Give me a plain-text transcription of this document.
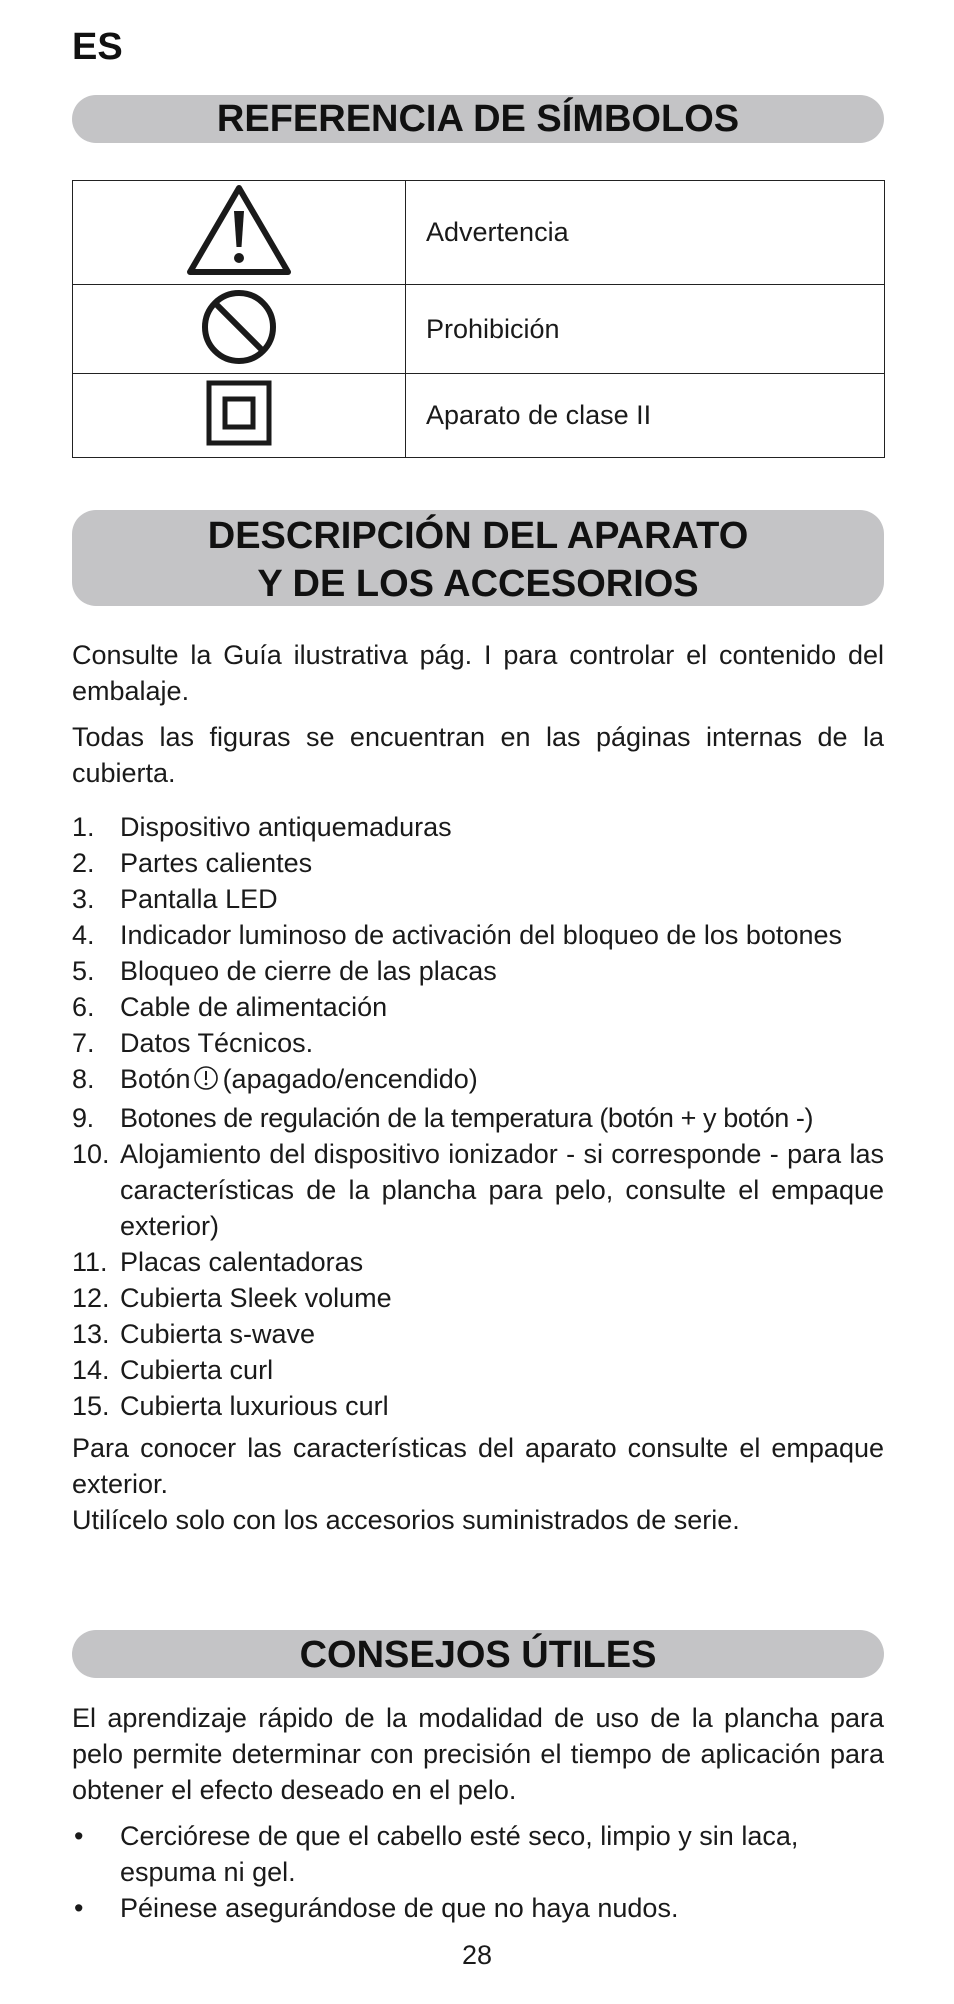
ES
REFERENCIA DE SÍMBOLOS
	Advertencia
	Prohibición
	Aparato de clase II
DESCRIPCIÓN DEL APARATO
Y DE LOS ACCESORIOS

Consulte la Guía ilustrativa pág. I para controlar el contenido del embalaje.

Todas las figuras se encuentran en las páginas internas de la cubierta.

1. Dispositivo antiquemaduras
2. Partes calientes
3. Pantalla LED
4. Indicador luminoso de activación del bloqueo de los botones
5. Bloqueo de cierre de las placas
6. Cable de alimentación
7. Datos Técnicos.
8. Botón (apagado/encendido)
9. Botones de regulación de la temperatura (botón + y botón -)
10. Alojamiento del dispositivo ionizador - si corresponde - para las características de la plancha para pelo, consulte el empaque exterior)
11. Placas calentadoras
12. Cubierta Sleek volume
13. Cubierta s-wave
14. Cubierta curl
15. Cubierta luxurious curl

Para conocer las características del aparato consulte el empaque exterior.

Utilícelo solo con los accesorios suministrados de serie.

CONSEJOS ÚTILES

El aprendizaje rápido de la modalidad de uso de la plancha para pelo permite determinar con precisión el tiempo de aplicación para obtener el efecto deseado en el pelo.

• Cerciórese de que el cabello esté seco, limpio y sin laca, espuma ni gel.
• Péinese asegurándose de que no haya nudos.
28
